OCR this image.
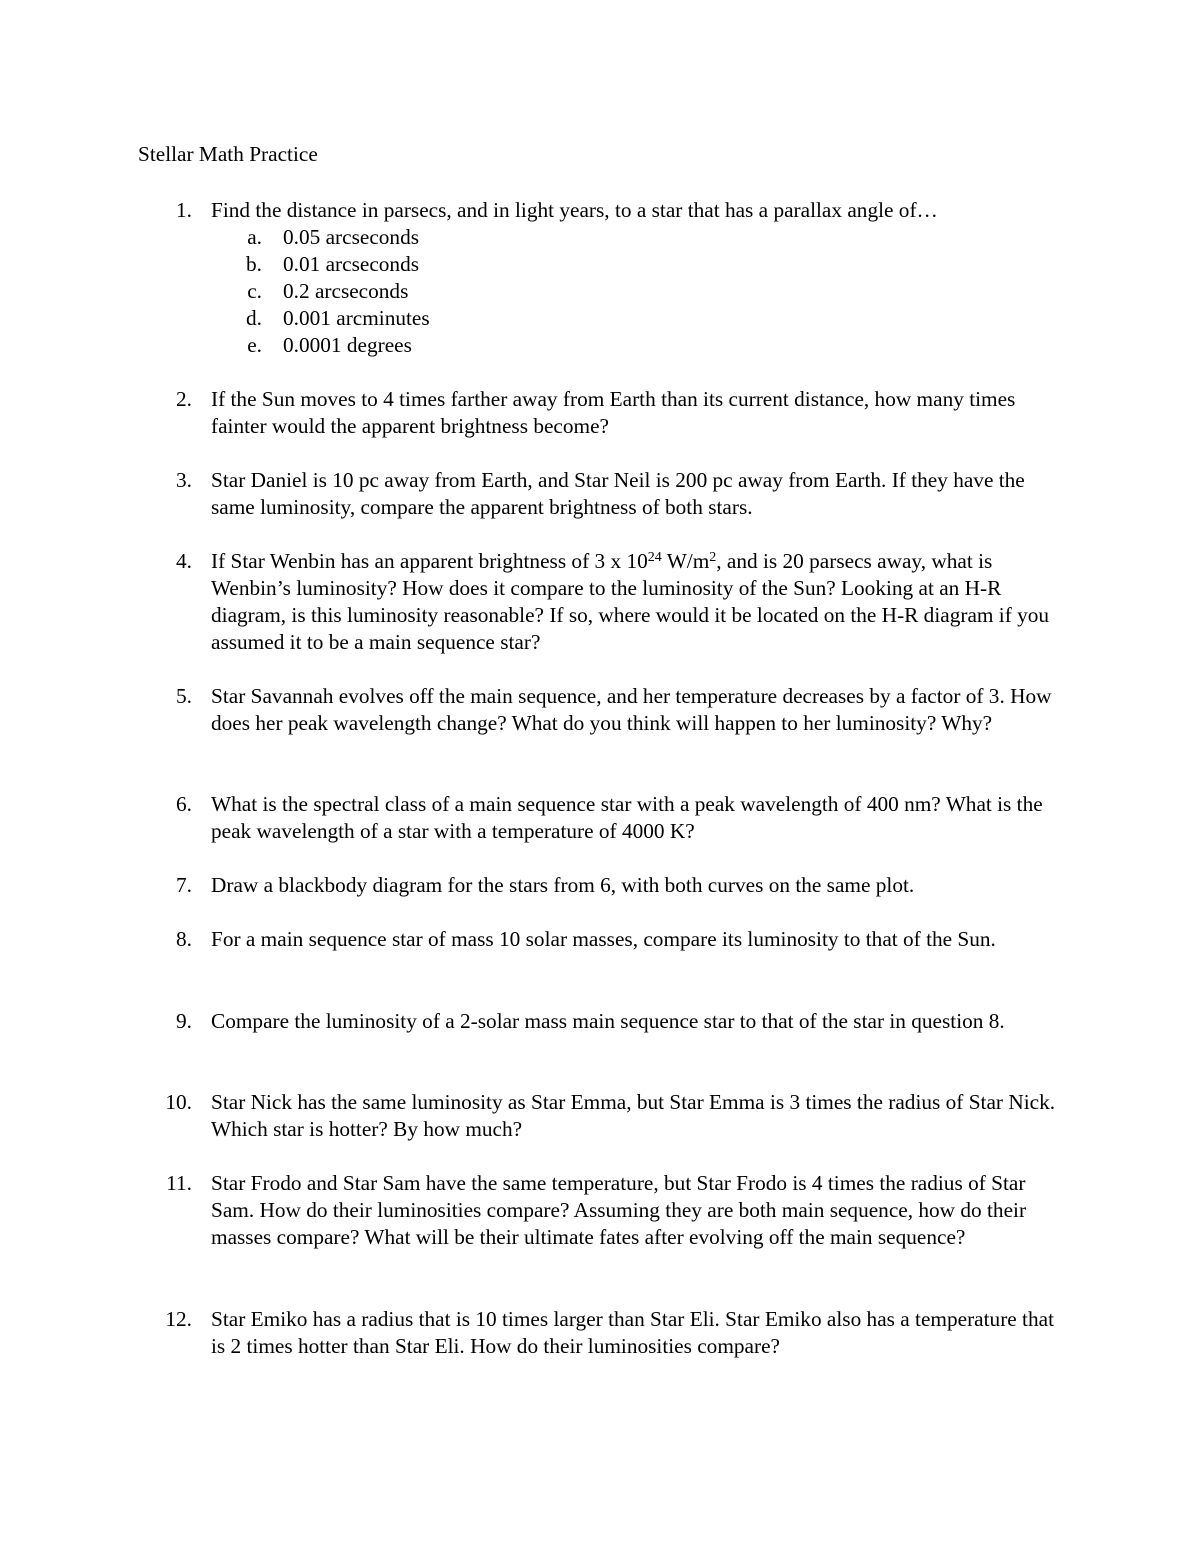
Stellar Math Practice
1. Find the distance in parsecs, and in light years, to a star that has a parallax angle of…
a. 0.05 arcseconds
b. 0.01 arcseconds
c. 0.2 arcseconds
d. 0.001 arcminutes
e. 0.0001 degrees
2. If the Sun moves to 4 times farther away from Earth than its current distance, how many times fainter would the apparent brightness become?
3. Star Daniel is 10 pc away from Earth, and Star Neil is 200 pc away from Earth. If they have the same luminosity, compare the apparent brightness of both stars.
4. If Star Wenbin has an apparent brightness of 3 x $10^{24}$ $W/m^2$, and is 20 parsecs away, what is Wenbin’s luminosity? How does it compare to the luminosity of the Sun? Looking at an H-R diagram, is this luminosity reasonable? If so, where would it be located on the H-R diagram if you assumed it to be a main sequence star?
5. Star Savannah evolves off the main sequence, and her temperature decreases by a factor of 3. How does her peak wavelength change? What do you think will happen to her luminosity? Why?
6. What is the spectral class of a main sequence star with a peak wavelength of 400 nm? What is the peak wavelength of a star with a temperature of 4000 K?
7. Draw a blackbody diagram for the stars from 6, with both curves on the same plot.
8. For a main sequence star of mass 10 solar masses, compare its luminosity to that of the Sun.
9. Compare the luminosity of a 2-solar mass main sequence star to that of the star in question 8.
10. Star Nick has the same luminosity as Star Emma, but Star Emma is 3 times the radius of Star Nick. Which star is hotter? By how much?
11. Star Frodo and Star Sam have the same temperature, but Star Frodo is 4 times the radius of Star Sam. How do their luminosities compare? Assuming they are both main sequence, how do their masses compare? What will be their ultimate fates after evolving off the main sequence?
12. Star Emiko has a radius that is 10 times larger than Star Eli. Star Emiko also has a temperature that is 2 times hotter than Star Eli. How do their luminosities compare?
